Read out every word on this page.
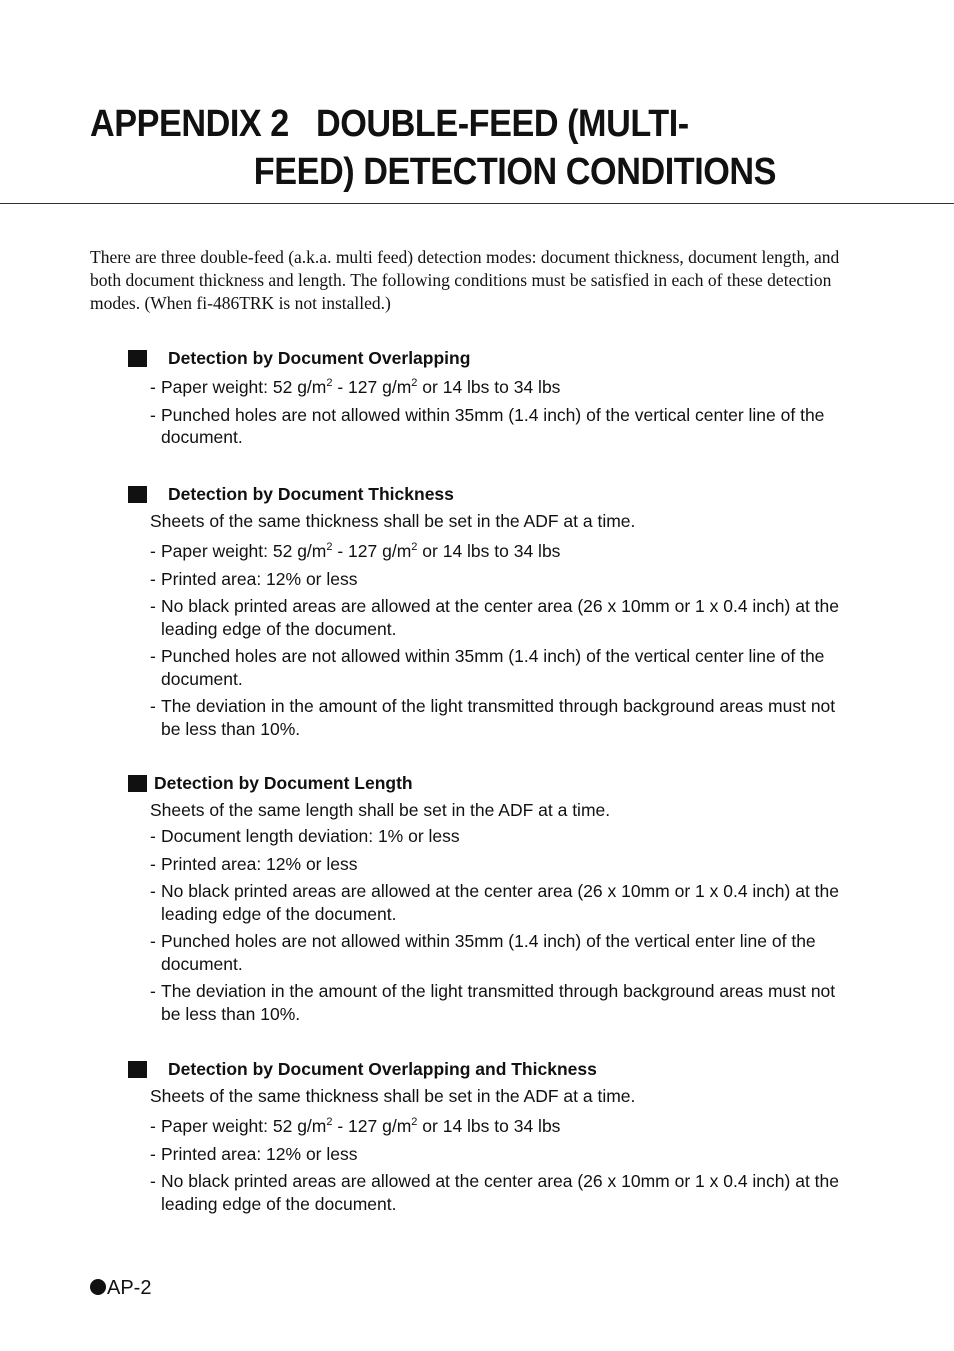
APPENDIX 2   DOUBLE-FEED (MULTI-
FEED) DETECTION CONDITIONS

There are three double-feed (a.k.a. multi feed) detection modes: document thickness, document length, and both document thickness and length. The following conditions must be satisfied in each of these detection modes. (When fi-486TRK is not installed.)

Detection by Document Overlapping
- Paper weight: 52 $g/m^2 - 127$ $g/m^2$ or 14 lbs to 34 lbs
- Punched holes are not allowed within 35mm (1.4 inch) of the vertical center line of the document.
Detection by Document Thickness

Sheets of the same thickness shall be set in the ADF at a time.

- Paper weight: 52 $g/m^2 - 127$ $g/m^2$ or 14 lbs to 34 lbs
- Printed area: 12% or less
- No black printed areas are allowed at the center area (26 x 10mm or 1 x 0.4 inch) at the leading edge of the document.
- Punched holes are not allowed within 35mm (1.4 inch) of the vertical center line of the document.
- The deviation in the amount of the light transmitted through background areas must not be less than 10%.
Detection by Document Length

Sheets of the same length shall be set in the ADF at a time.

- Document length deviation: 1% or less
- Printed area: 12% or less
- No black printed areas are allowed at the center area (26 x 10mm or 1 x 0.4 inch) at the leading edge of the document.
- Punched holes are not allowed within 35mm (1.4 inch) of the vertical enter line of the document.
- The deviation in the amount of the light transmitted through background areas must not be less than 10%.
Detection by Document Overlapping and Thickness

Sheets of the same thickness shall be set in the ADF at a time.

- Paper weight: 52 $g/m^2 - 127$ $g/m^2$ or 14 lbs to 34 lbs
- Printed area: 12% or less
- No black printed areas are allowed at the center area (26 x 10mm or 1 x 0.4 inch) at the leading edge of the document.
AP-2
